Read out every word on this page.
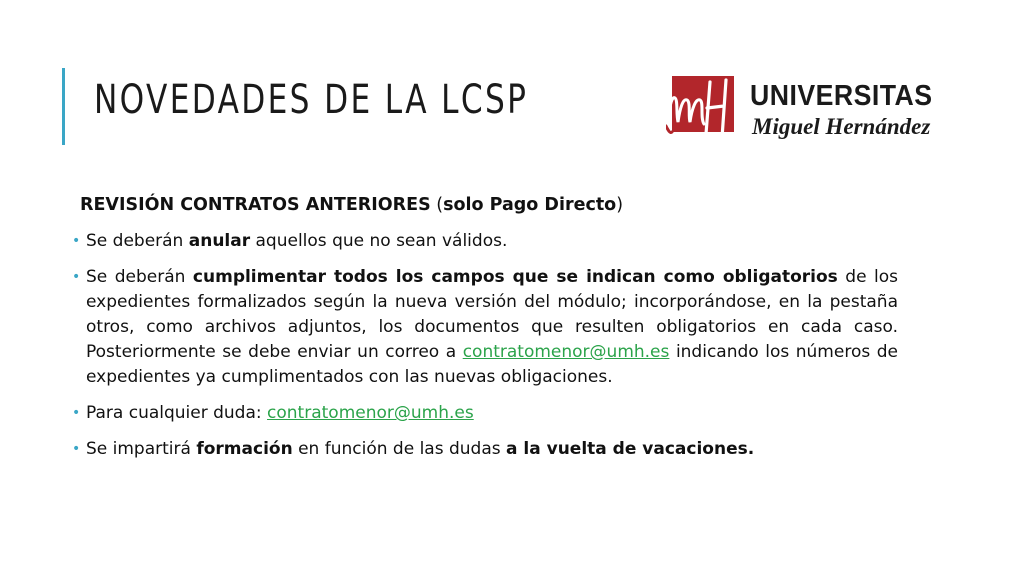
NOVEDADES DE LA LCSP	UNIVERSITAS
Miguel Hernández

REVISIÓN CONTRATOS ANTERIORES (solo Pago Directo)

• Se deberán anular aquellos que no sean válidos.
• Se deberán cumplimentar todos los campos que se indican como obligatorios de los expedientes formalizados según la nueva versión del módulo; incorporándose, en la pestaña otros, como archivos adjuntos, los documentos que resulten obligatorios en cada caso. Posteriormente se debe enviar un correo a contratomenor@umh.es indicando los números de expedientes ya cumplimentados con las nuevas obligaciones.
• Para cualquier duda: contratomenor@umh.es
• Se impartirá formación en función de las dudas a la vuelta de vacaciones.
